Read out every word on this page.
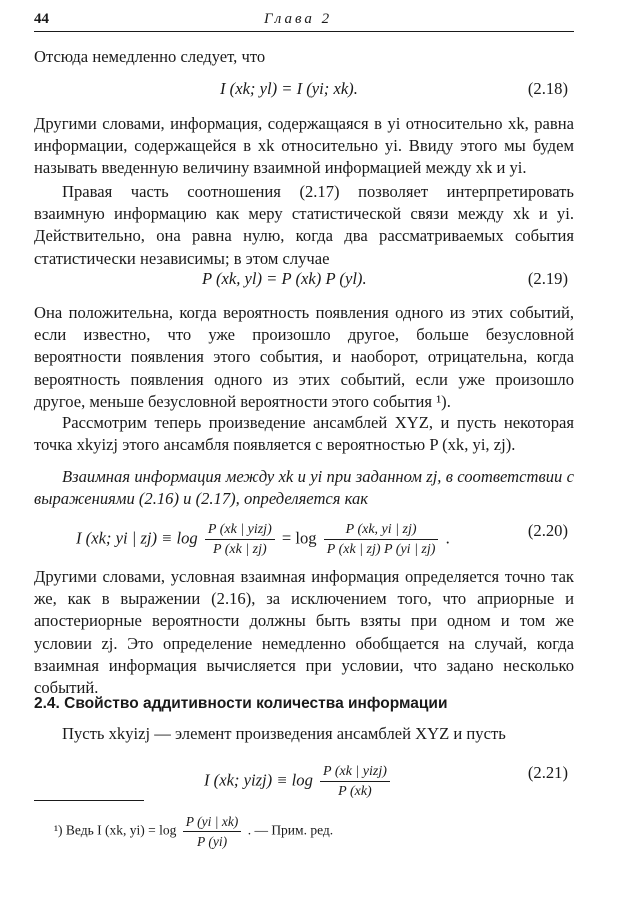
44	Глава 2

Отсюда немедленно следует, что

I (xk; yl) = I (yi; xk).	(2.18)

Другими словами, информация, содержащаяся в yi относительно xk, равна информации, содержащейся в xk относительно yi. Ввиду этого мы будем называть введенную величину взаимной информацией между xk и yi.

Правая часть соотношения (2.17) позволяет интерпретировать взаимную информацию как меру статистической связи между xk и yi. Действительно, она равна нулю, когда два рассматриваемых события статистически независимы; в этом случае

P (xk, yl) = P (xk) P (yl).	(2.19)

Она положительна, когда вероятность появления одного из этих событий, если известно, что уже произошло другое, больше безусловной вероятности появления этого события, и наоборот, отрицательна, когда вероятность появления одного из этих событий, если уже произошло другое, меньше безусловной вероятности этого события ¹).

Рассмотрим теперь произведение ансамблей XYZ, и пусть некоторая точка xkyizj этого ансамбля появляется с вероятностью P (xk, yi, zj).

Взаимная информация между xk и yi при заданном zj, в соответствии с выражениями (2.16) и (2.17), определяется как

I (xk; yi | $zj) \equiv \log \frac{\text{P (xk | yizj)}}{P (xk | zj)} = \log \frac{P (xk, yi | zj)}{P (xk | zj) P (yi | zj)}$ .	(2.20)

Другими словами, условная взаимная информация определяется точно так же, как в выражении (2.16), за исключением того, что априорные и апостериорные вероятности должны быть взяты при одном и том же условии zj. Это определение немедленно обобщается на случай, когда взаимная информация вычисляется при условии, что задано несколько событий.

2.4. Свойство аддитивности количества информации

Пусть xkyizj — элемент произведения ансамблей XYZ и пусть

I (xk; yizj) ≡ $\log \frac{\text{P (xk | yizj)}}{P (xk)}$	(2.21)
¹) Ведь I (xk, $yi) = \log \frac{P (yi | xk)}{P (yi)}$ . — Прим. ред.
